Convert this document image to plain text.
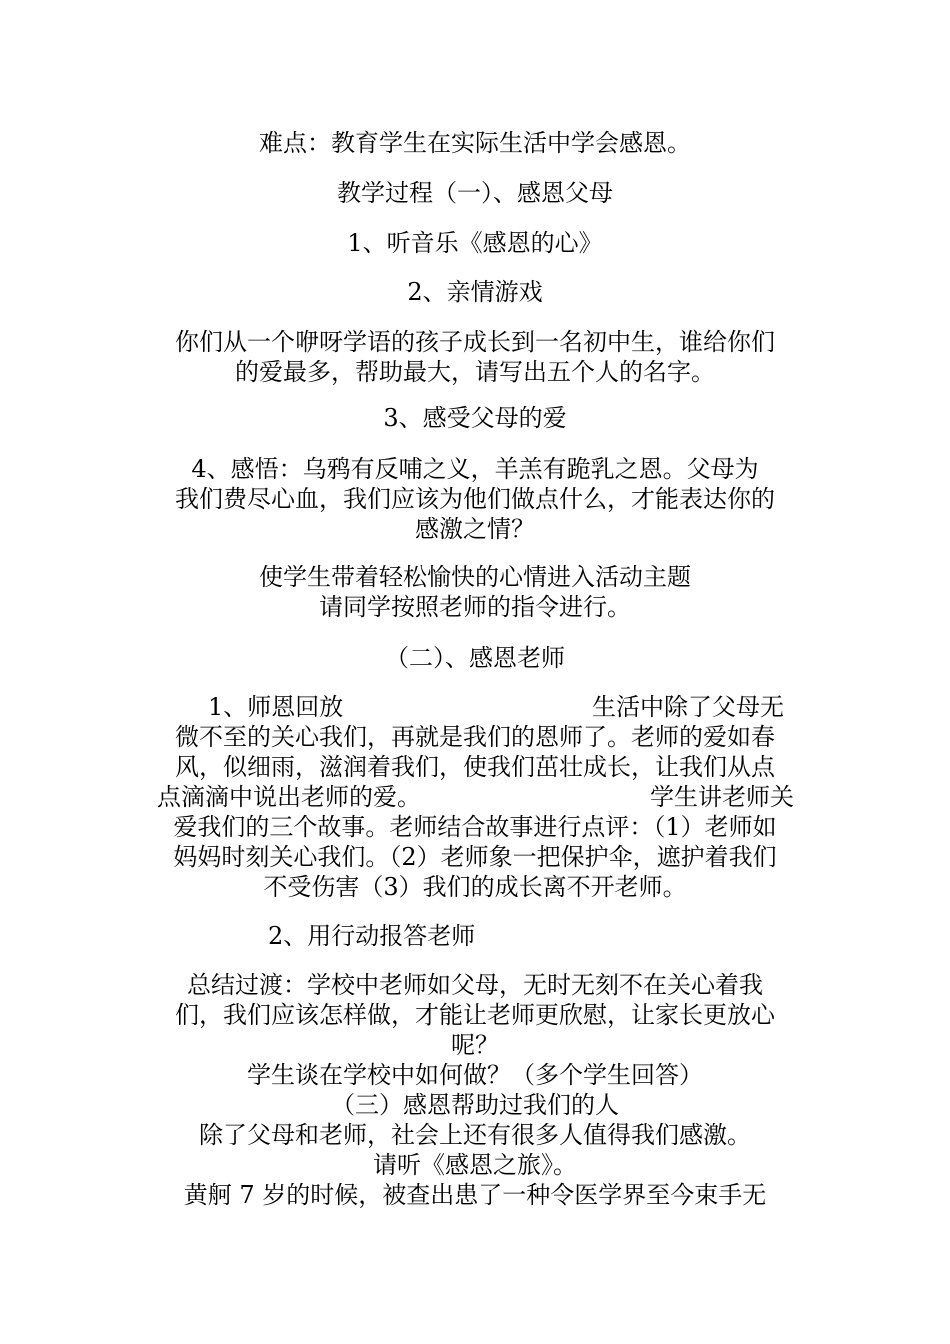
难点：教育学生在实际生活中学会感恩。
教学过程（一）、感恩父母
1、听音乐《感恩的心》
2、亲情游戏
你们从一个咿呀学语的孩子成长到一名初中生，谁给你们
的爱最多，帮助最大，请写出五个人的名字。
3、感受父母的爱
4、感悟：乌鸦有反哺之义，羊羔有跪乳之恩。父母为
我们费尽心血，我们应该为他们做点什么，才能表达你的
感激之情？
使学生带着轻松愉快的心情进入活动主题
请同学按照老师的指令进行。
（二）、感恩老师
1、师恩回放	生活中除了父母无
微不至的关心我们，再就是我们的恩师了。老师的爱如春
风，似细雨，滋润着我们，使我们茁壮成长，让我们从点
点滴滴中说出老师的爱。	学生讲老师关
爱我们的三个故事。老师结合故事进行点评：（1）老师如
妈妈时刻关心我们。（2）老师象一把保护伞，遮护着我们
不受伤害（3）我们的成长离不开老师。
2、用行动报答老师
总结过渡：学校中老师如父母，无时无刻不在关心着我
们，我们应该怎样做，才能让老师更欣慰，让家长更放心
呢？
学生谈在学校中如何做？（多个学生回答）
（三）感恩帮助过我们的人
除了父母和老师，社会上还有很多人值得我们感激。
请听《感恩之旅》。
黄舸 7 岁的时候，被查出患了一种令医学界至今束手无
